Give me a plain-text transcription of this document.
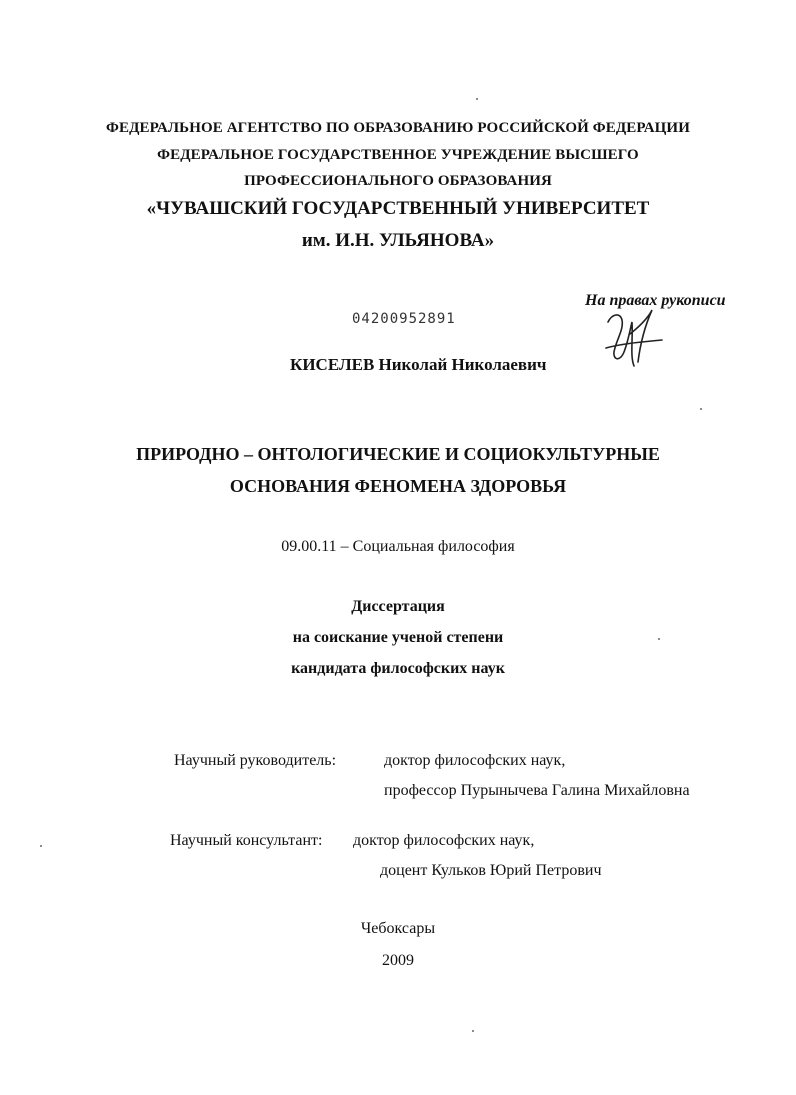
ФЕДЕРАЛЬНОЕ АГЕНТСТВО ПО ОБРАЗОВАНИЮ РОССИЙСКОЙ ФЕДЕРАЦИИ
ФЕДЕРАЛЬНОЕ ГОСУДАРСТВЕННОЕ УЧРЕЖДЕНИЕ ВЫСШЕГО
ПРОФЕССИОНАЛЬНОГО ОБРАЗОВАНИЯ
«ЧУВАШСКИЙ ГОСУДАРСТВЕННЫЙ УНИВЕРСИТЕТ
им. И.Н. УЛЬЯНОВА»
На правах рукописи
04200952891
КИСЕЛЕВ Николай Николаевич
ПРИРОДНО – ОНТОЛОГИЧЕСКИЕ И СОЦИОКУЛЬТУРНЫЕ
ОСНОВАНИЯ ФЕНОМЕНА ЗДОРОВЬЯ
09.00.11 – Социальная философия
Диссертация
на соискание ученой степени
кандидата философских наук
Научный руководитель:	доктор философских наук,
профессор Пурынычева Галина Михайловна
Научный консультант: доктор философских наук,
доцент Кульков Юрий Петрович
Чебоксары
2009
